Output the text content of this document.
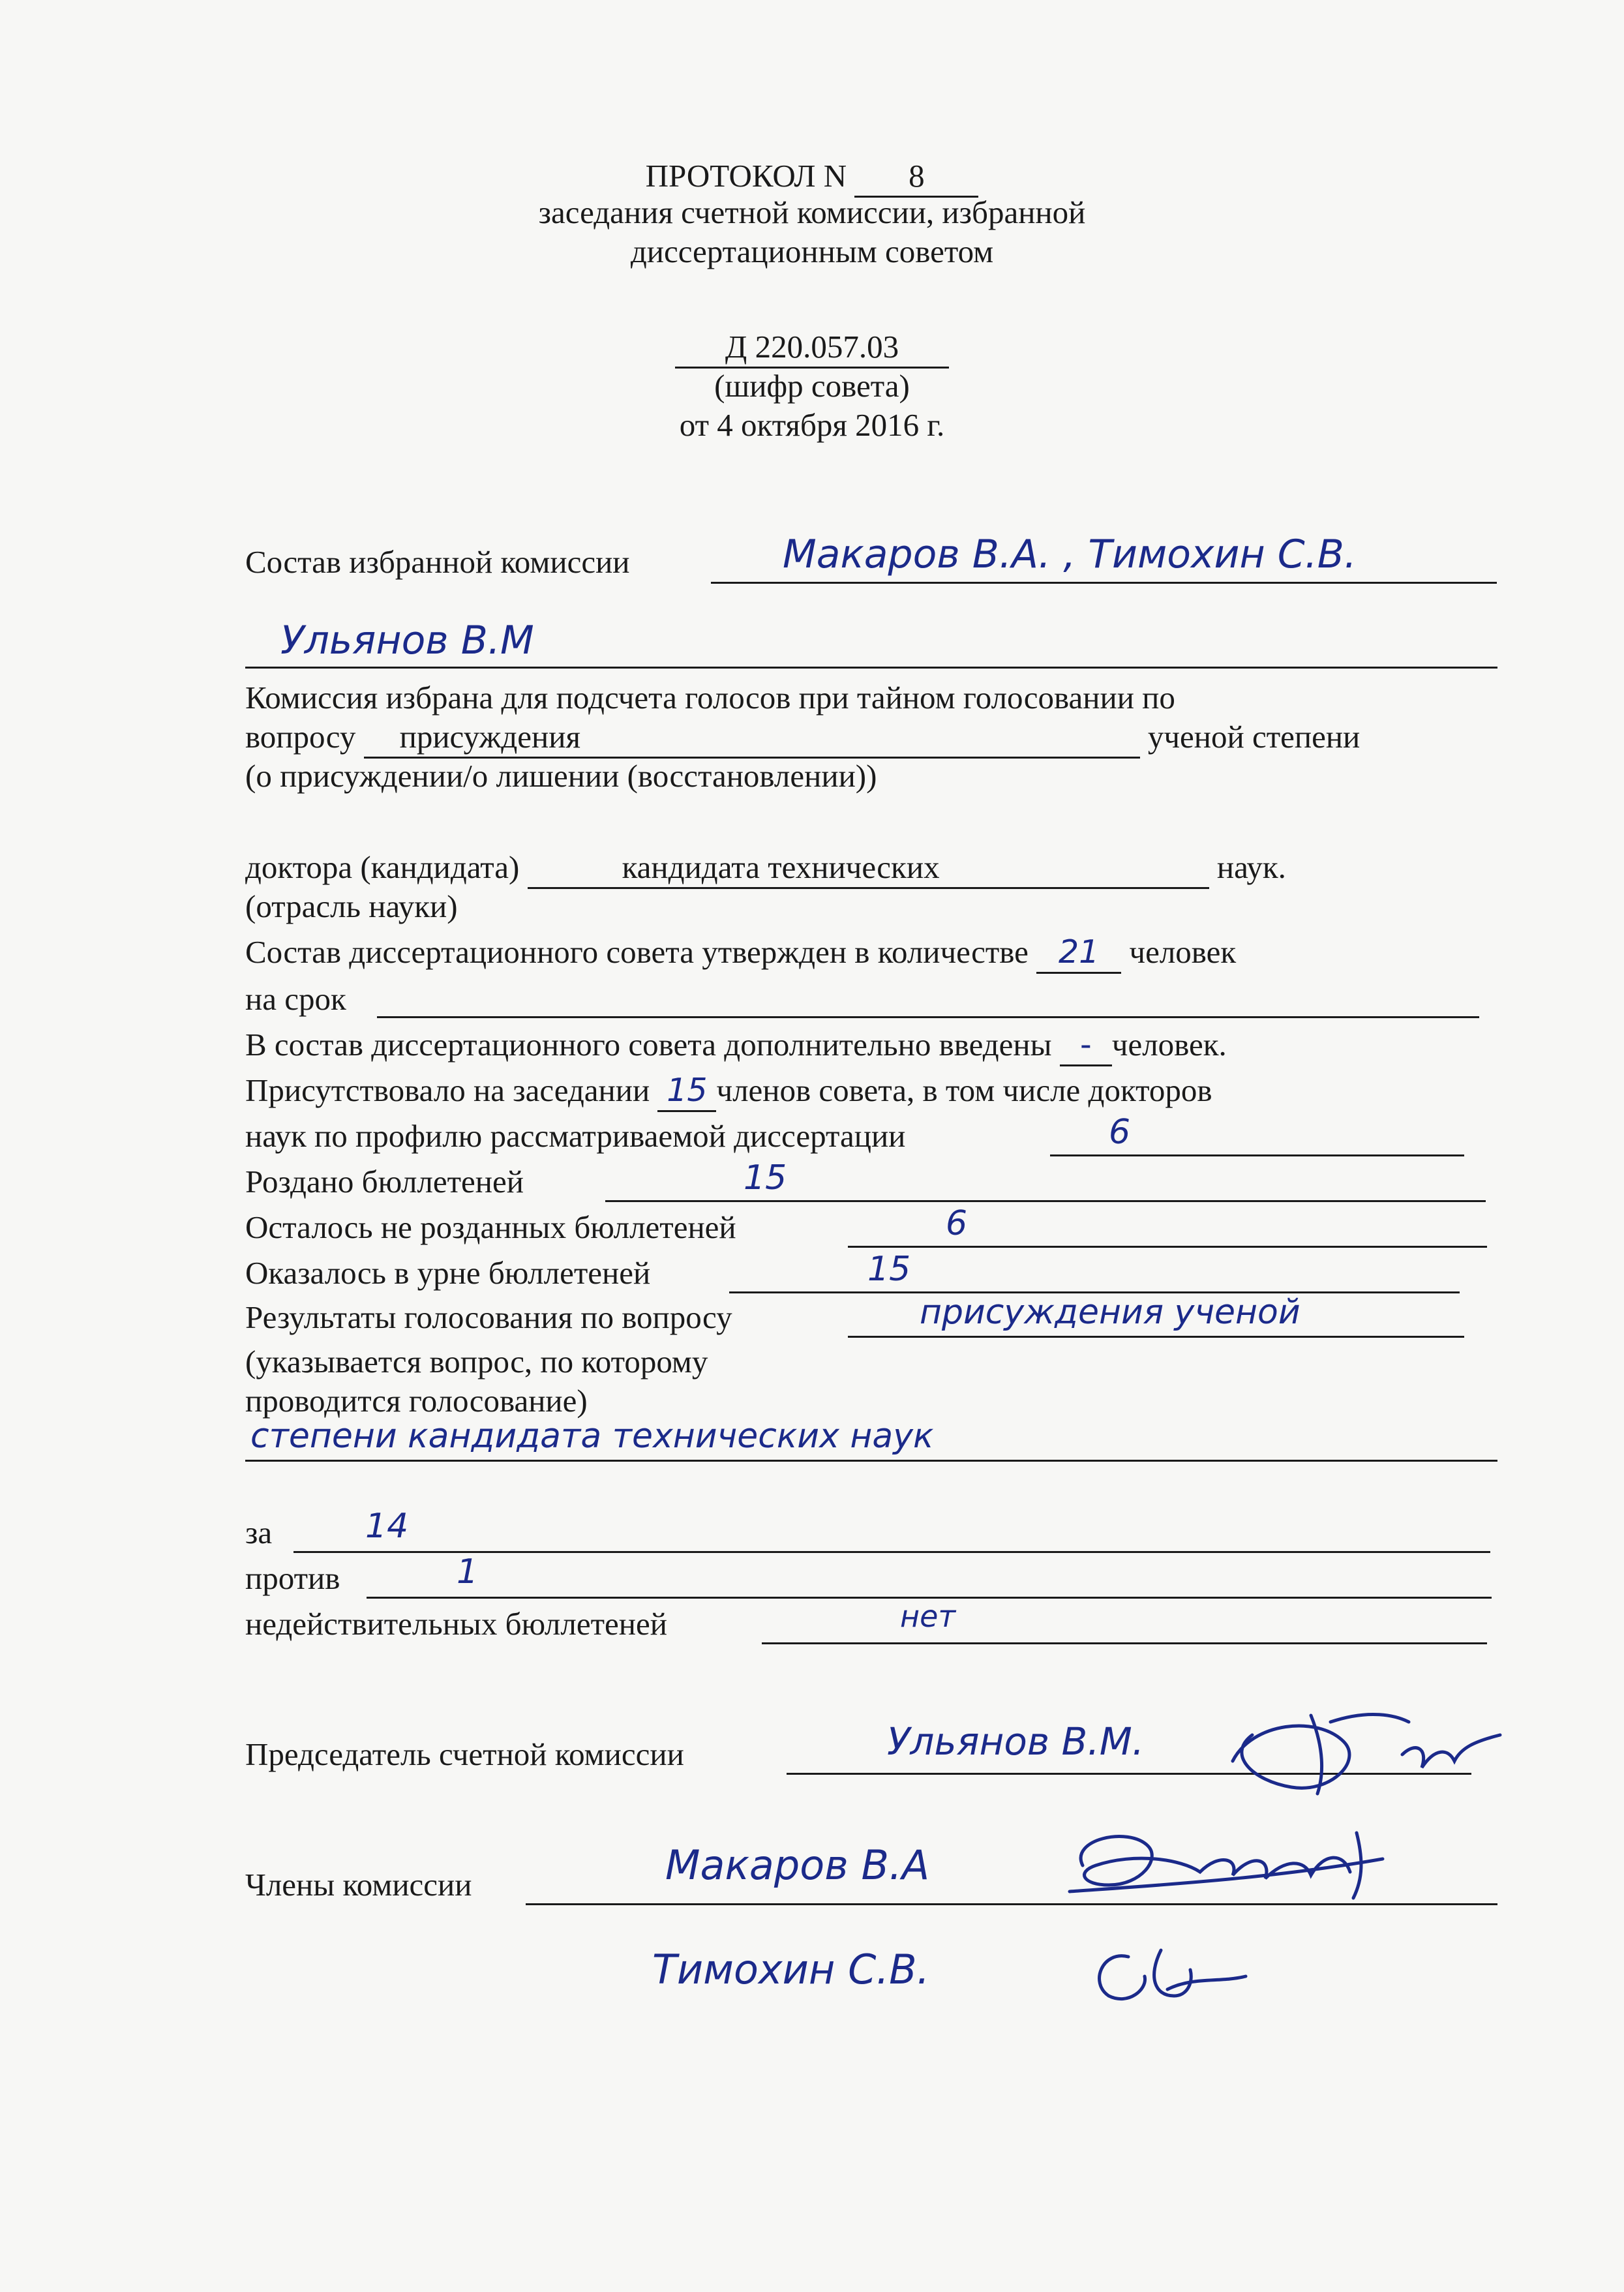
ПРОТОКОЛ N 8
заседания счетной комиссии, избранной
диссертационным советом
Д 220.057.03
(шифр совета)
от 4 октября 2016 г.
Состав избранной комиссии	Макаров В.А. , Тимохин С.В.
Ульянов В.М
Комиссия избрана для подсчета голосов при тайном голосовании по
вопросу присуждения	ученой степени
(о присуждении/о лишении (восстановлении))
доктора (кандидата)	кандидата технических	наук.
(отрасль науки)
Состав диссертационного совета утвержден в количестве 21 человек
на срок
В состав диссертационного совета дополнительно введены - человек.
Присутствовало на заседании 15 членов совета, в том числе докторов
наук по профилю рассматриваемой диссертации	6
Роздано бюллетеней	15
Осталось не розданных бюллетеней	6
Оказалось в урне бюллетеней	15
Результаты голосования по вопросу	присуждения ученой
(указывается вопрос, по которому
проводится голосование)
степени кандидата технических наук
за	14
против	1
недействительных бюллетеней	нет
Председатель счетной комиссии	Ульянов В.М.
Члены комиссии	Макаров В.А
Тимохин С.В.
